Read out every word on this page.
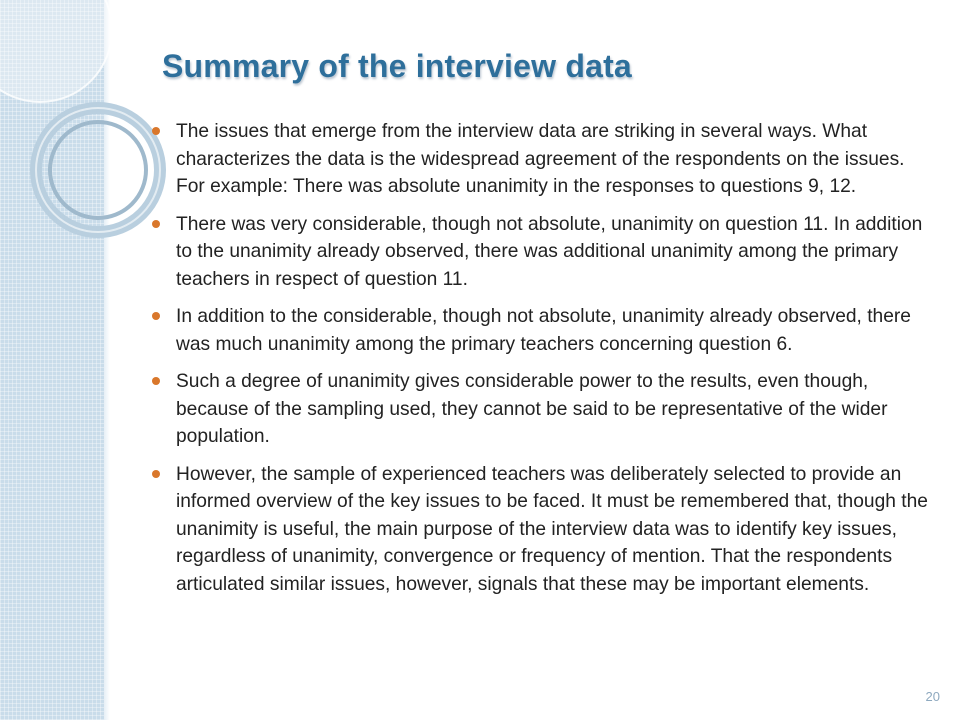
Summary of the interview data
The issues that emerge from the interview data are striking in several ways. What characterizes the data is the widespread agreement of the respondents on the issues. For example: There was absolute unanimity in the responses to questions 9, 12.
There was very considerable, though not absolute, unanimity on question 11. In addition to the unanimity already observed, there was additional unanimity among the primary teachers in respect of question 11.
In addition to the considerable, though not absolute, unanimity already observed, there was much unanimity among the primary teachers concerning question 6.
Such a degree of unanimity gives considerable power to the results, even though, because of the sampling used, they cannot be said to be representative of the wider population.
However, the sample of experienced teachers was deliberately selected to provide an informed overview of the key issues to be faced. It must be remembered that, though the unanimity is useful, the main purpose of the interview data was to identify key issues, regardless of unanimity, convergence or frequency of mention. That the respondents articulated similar issues, however, signals that these may be important elements.
20
